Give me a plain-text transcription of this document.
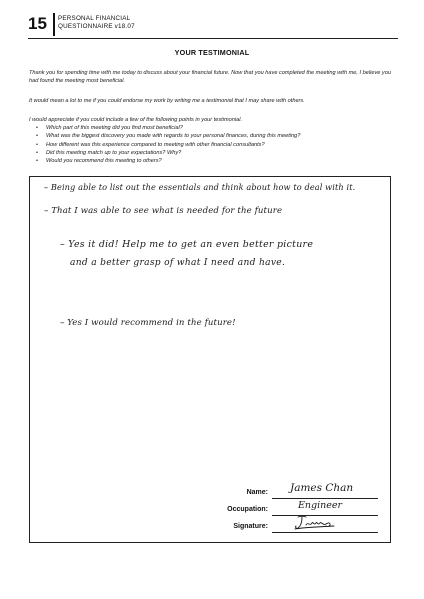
15 PERSONAL FINANCIAL
QUESTIONNAIRE v18.07
YOUR TESTIMONIAL
Thank you for spending time with me today to discuss about your financial future. Now that you have completed the meeting with me, I believe you had found the meeting most beneficial.
It would mean a lot to me if you could endorse my work by writing me a testimonial that I may share with others.
I would appreciate if you could include a few of the following points in your testimonial.
• Which part of this meeting did you find most beneficial?
• What was the biggest discovery you made with regards to your personal finances, during this meeting?
• How different was this experience compared to meeting with other financial consultants?
• Did this meeting match up to your expectations? Why?
• Would you recommend this meeting to others?
– Being able to list out the essentials and think about how to deal with it.
– That I was able to see what is needed for the future
– Yes it did! Help me to get an even better picture
and a better grasp of what I need and have.
– Yes I would recommend in the future!
Name: James Chan
Occupation:	Engineer
Signature:
